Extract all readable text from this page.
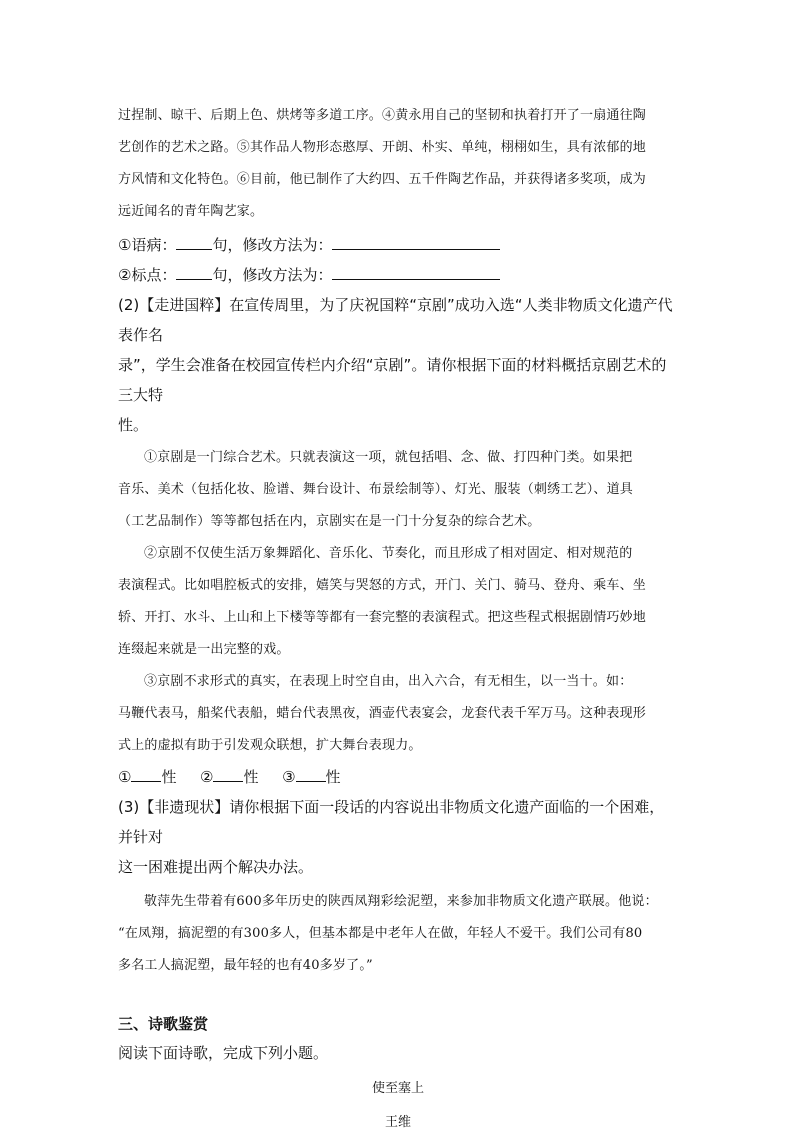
过捏制、晾干、后期上色、烘烤等多道工序。④黄永用自己的坚韧和执着打开了一扇通往陶

艺创作的艺术之路。⑤其作品人物形态憨厚、开朗、朴实、单纯，栩栩如生，具有浓郁的地

方风情和文化特色。⑥目前，他已制作了大约四、五千件陶艺作品，并获得诸多奖项，成为

远近闻名的青年陶艺家。

①语病： 句，修改方法为：

②标点： 句，修改方法为：

(2)【走进国粹】在宣传周里，为了庆祝国粹“京剧”成功入选“人类非物质文化遗产代表作名

录”，学生会准备在校园宣传栏内介绍“京剧”。请你根据下面的材料概括京剧艺术的三大特

性。

①京剧是一门综合艺术。只就表演这一项，就包括唱、念、做、打四种门类。如果把

音乐、美术（包括化妆、脸谱、舞台设计、布景绘制等）、灯光、服装（刺绣工艺）、道具

（工艺品制作）等等都包括在内，京剧实在是一门十分复杂的综合艺术。

②京剧不仅使生活万象舞蹈化、音乐化、节奏化，而且形成了相对固定、相对规范的

表演程式。比如唱腔板式的安排，嬉笑与哭怒的方式，开门、关门、骑马、登舟、乘车、坐

轿、开打、水斗、上山和上下楼等等都有一套完整的表演程式。把这些程式根据剧情巧妙地

连缀起来就是一出完整的戏。

③京剧不求形式的真实，在表现上时空自由，出入六合，有无相生，以一当十。如：

马鞭代表马，船桨代表船，蜡台代表黑夜，酒壶代表宴会，龙套代表千军万马。这种表现形

式上的虚拟有助于引发观众联想，扩大舞台表现力。

① 性 ② 性 ③ 性

(3)【非遗现状】请你根据下面一段话的内容说出非物质文化遗产面临的一个困难，并针对

这一困难提出两个解决办法。

敬萍先生带着有600多年历史的陕西凤翔彩绘泥塑，来参加非物质文化遗产联展。他说：

“在凤翔，搞泥塑的有300多人，但基本都是中老年人在做，年轻人不爱干。我们公司有80

多名工人搞泥塑，最年轻的也有40多岁了。”

三、诗歌鉴赏

阅读下面诗歌，完成下列小题。

使至塞上

王维
